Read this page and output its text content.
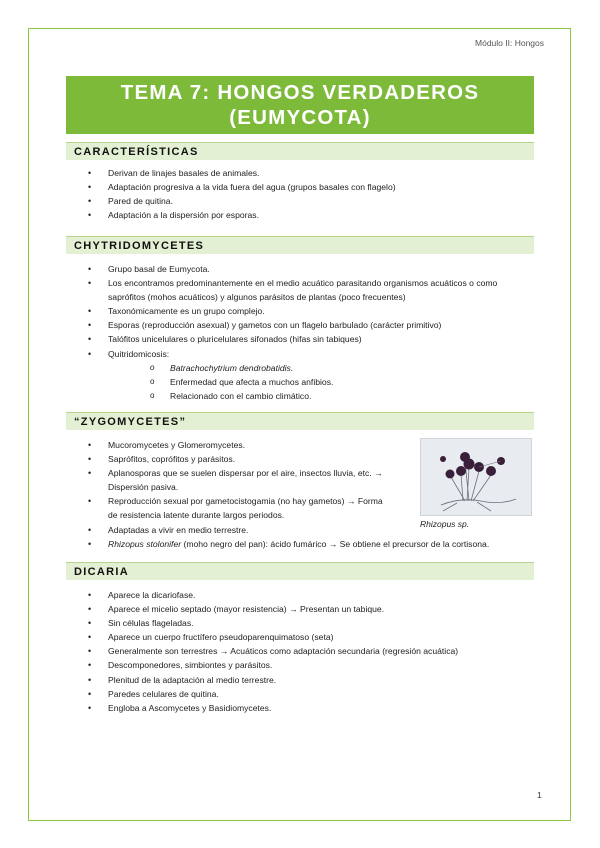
Módulo II: Hongos
TEMA 7: HONGOS VERDADEROS
(EUMYCOTA)
CARACTERÍSTICAS
• Derivan de linajes basales de animales.
• Adaptación progresiva a la vida fuera del agua (grupos basales con flagelo)
• Pared de quitina.
• Adaptación a la dispersión por esporas.
CHYTRIDOMYCETES
• Grupo basal de Eumycota.
• Los encontramos predominantemente en el medio acuático parasitando organismos acuáticos o como
saprófitos (mohos acuáticos) y algunos parásitos de plantas (poco frecuentes)
• Taxonómicamente es un grupo complejo.
• Esporas (reproducción asexual) y gametos con un flagelo barbulado (carácter primitivo)
• Talófitos unicelulares o pluricelulares sifonados (hifas sin tabiques)
• Quitridomicosis:
o Batrachochytrium dendrobatidis.
o Enfermedad que afecta a muchos anfibios.
o Relacionado con el cambio climático.
“ZYGOMYCETES”
• Mucoromycetes y Glomeromycetes.
• Saprófitos, coprófitos y parásitos.
• Aplanosporas que se suelen dispersar por el aire, insectos lluvia, etc. →
Dispersión pasiva.
• Reproducción sexual por gametocistogamia (no hay gametos) → Forma
de resistencia latente durante largos periodos.
• Adaptadas a vivir en medio terrestre.
• Rhizopus stolonifer (moho negro del pan): ácido fumárico → Se obtiene el precursor de la cortisona.
Rhizopus sp.
DICARIA
• Aparece la dicariofase.
• Aparece el micelio septado (mayor resistencia) → Presentan un tabique.
• Sin células flageladas.
• Aparece un cuerpo fructífero pseudoparenquimatoso (seta)
• Generalmente son terrestres → Acuáticos como adaptación secundaria (regresión acuática)
• Descomponedores, simbiontes y parásitos.
• Plenitud de la adaptación al medio terrestre.
• Paredes celulares de quitina.
• Engloba a Ascomycetes y Basidiomycetes.
1
